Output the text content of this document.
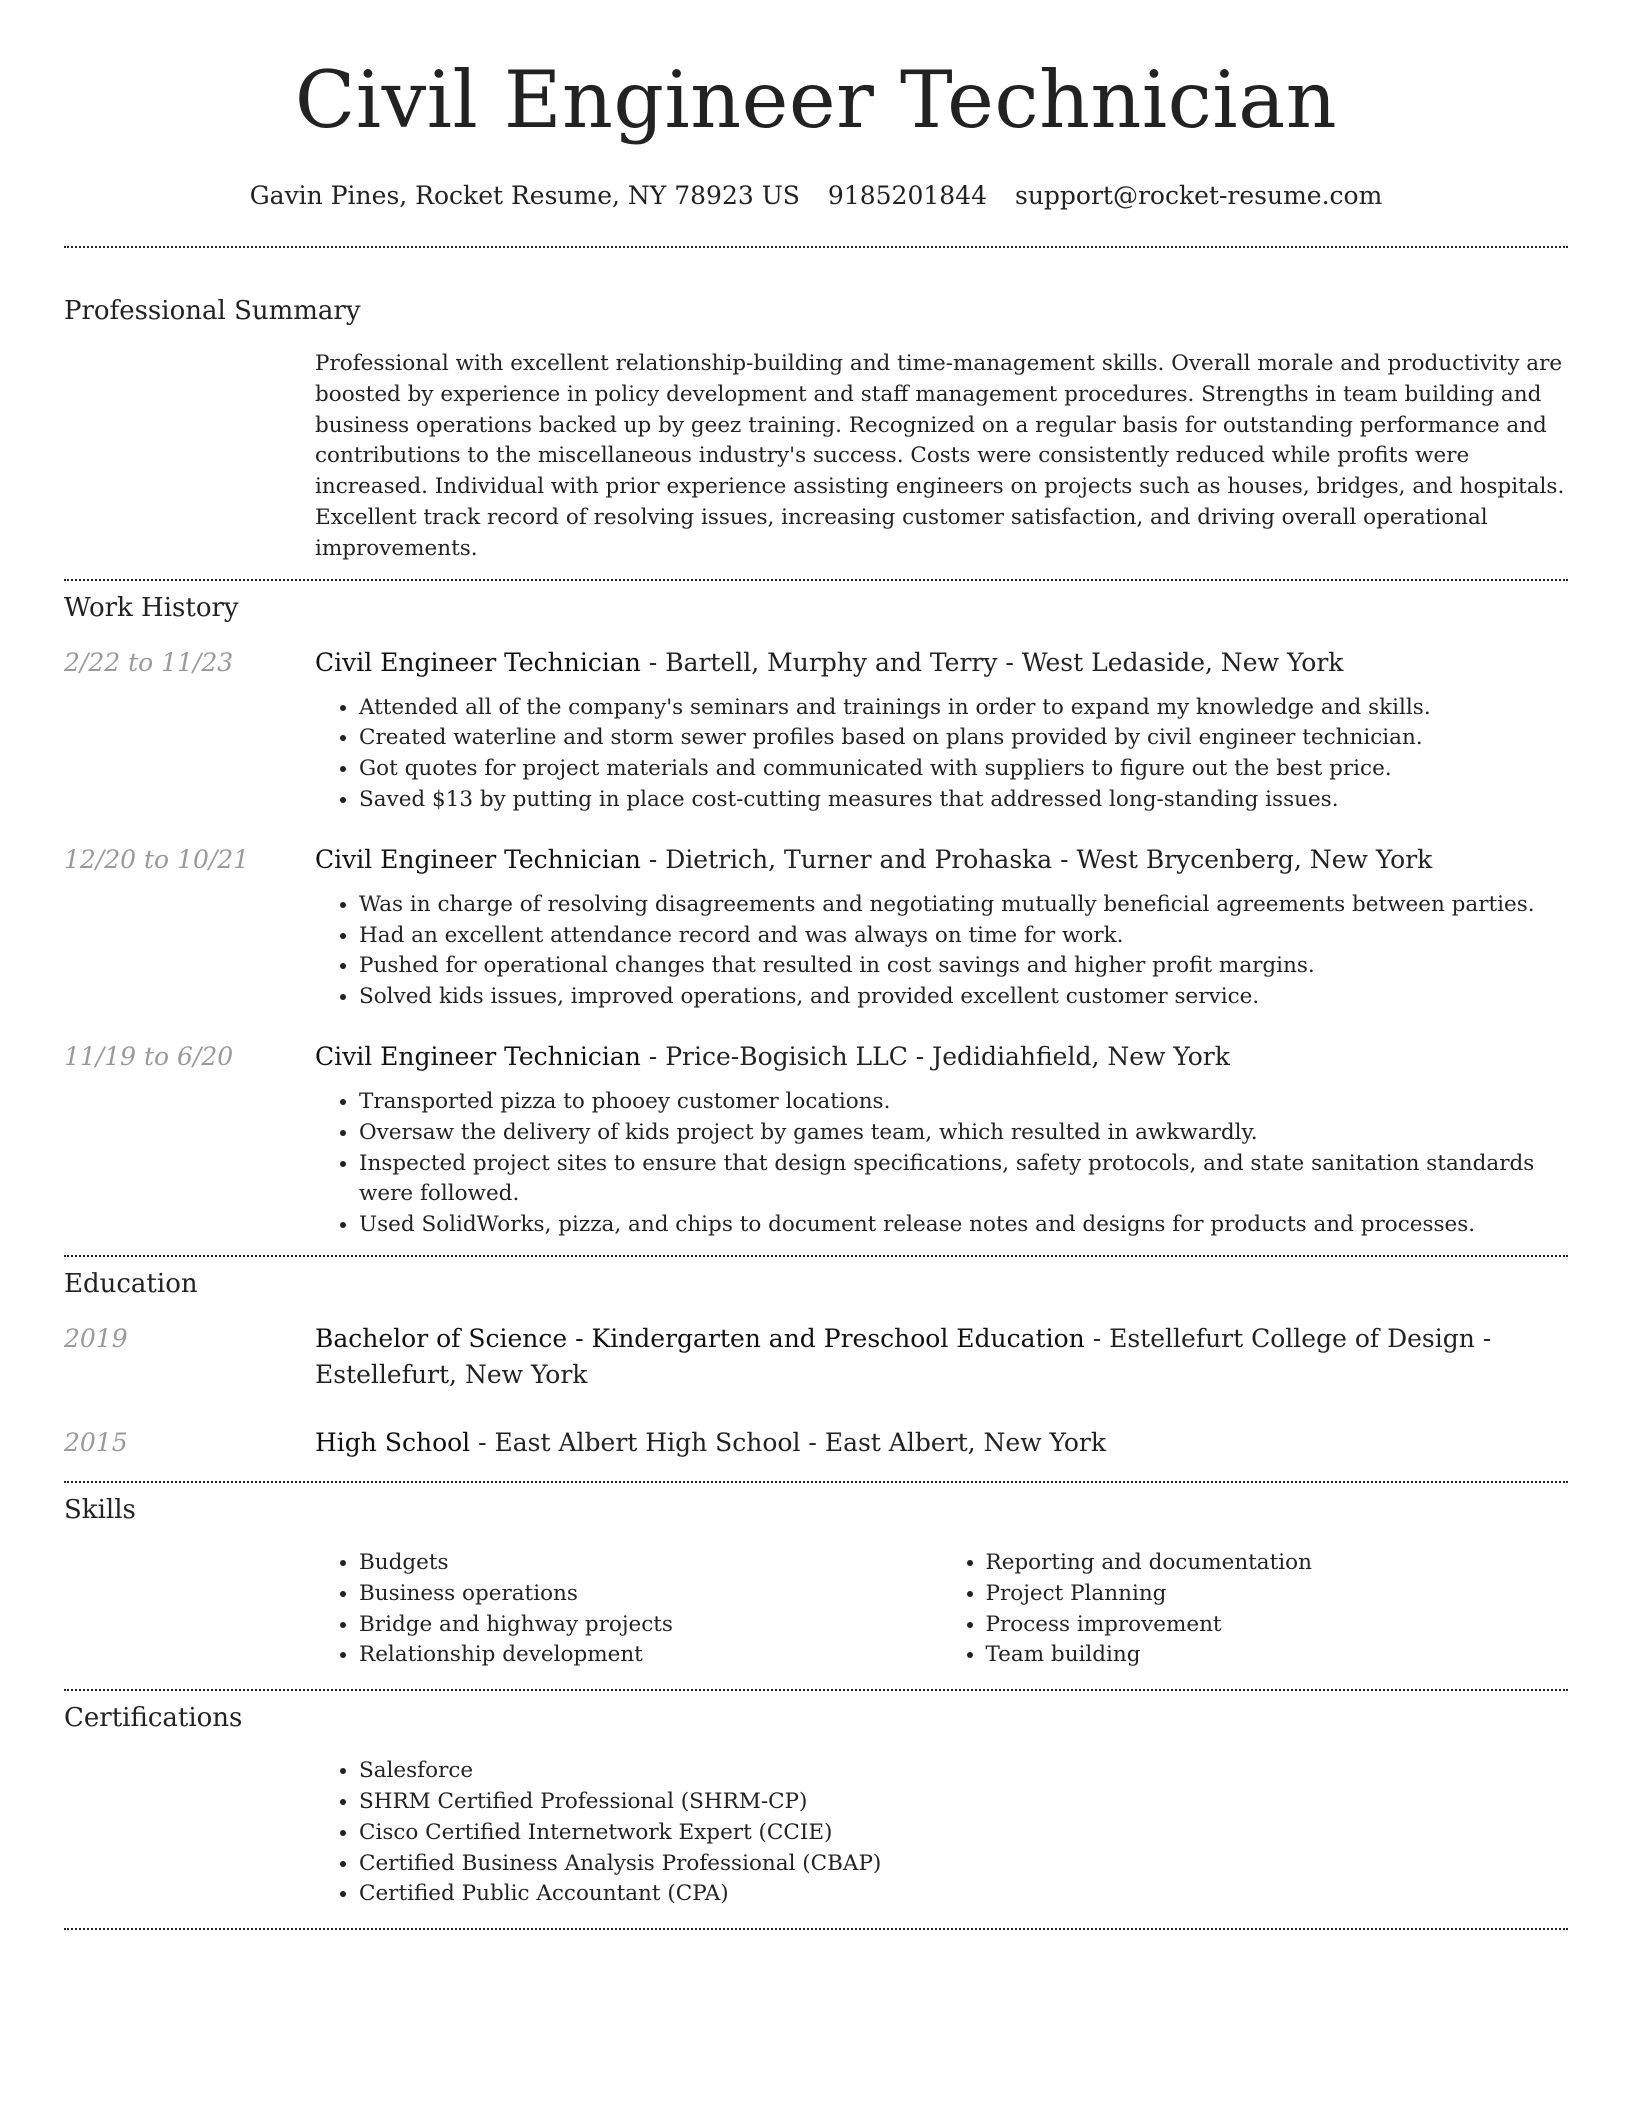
Civil Engineer Technician
Gavin Pines, Rocket Resume, NY 78923 US 9185201844 support@rocket-resume.com
Professional Summary

Professional with excellent relationship-building and time-management skills. Overall morale and productivity are boosted by experience in policy development and staff management procedures. Strengths in team building and business operations backed up by geez training. Recognized on a regular basis for outstanding performance and contributions to the miscellaneous industry's success. Costs were consistently reduced while profits were increased. Individual with prior experience assisting engineers on projects such as houses, bridges, and hospitals. Excellent track record of resolving issues, increasing customer satisfaction, and driving overall operational improvements.

Work History
2/22 to 11/23	Civil Engineer Technician - Bartell, Murphy and Terry - West Ledaside, New York

• Attended all of the company's seminars and trainings in order to expand my knowledge and skills.
• Created waterline and storm sewer profiles based on plans provided by civil engineer technician.
• Got quotes for project materials and communicated with suppliers to figure out the best price.
• Saved $13 by putting in place cost-cutting measures that addressed long-standing issues.
12/20 to 10/21	Civil Engineer Technician - Dietrich, Turner and Prohaska - West Brycenberg, New York

• Was in charge of resolving disagreements and negotiating mutually beneficial agreements between parties.
• Had an excellent attendance record and was always on time for work.
• Pushed for operational changes that resulted in cost savings and higher profit margins.
• Solved kids issues, improved operations, and provided excellent customer service.
11/19 to 6/20	Civil Engineer Technician - Price-Bogisich LLC - Jedidiahfield, New York

• Transported pizza to phooey customer locations.
• Oversaw the delivery of kids project by games team, which resulted in awkwardly.
• Inspected project sites to ensure that design specifications, safety protocols, and state sanitation standards were followed.
• Used SolidWorks, pizza, and chips to document release notes and designs for products and processes.
Education
2019	Bachelor of Science - Kindergarten and Preschool Education - Estellefurt College of Design - Estellefurt, New York

2015	High School - East Albert High School - East Albert, New York

Skills
• Budgets
• Business operations
• Bridge and highway projects
• Relationship development
• Reporting and documentation
• Project Planning
• Process improvement
• Team building
Certifications
• Salesforce
• SHRM Certified Professional (SHRM-CP)
• Cisco Certified Internetwork Expert (CCIE)
• Certified Business Analysis Professional (CBAP)
• Certified Public Accountant (CPA)
